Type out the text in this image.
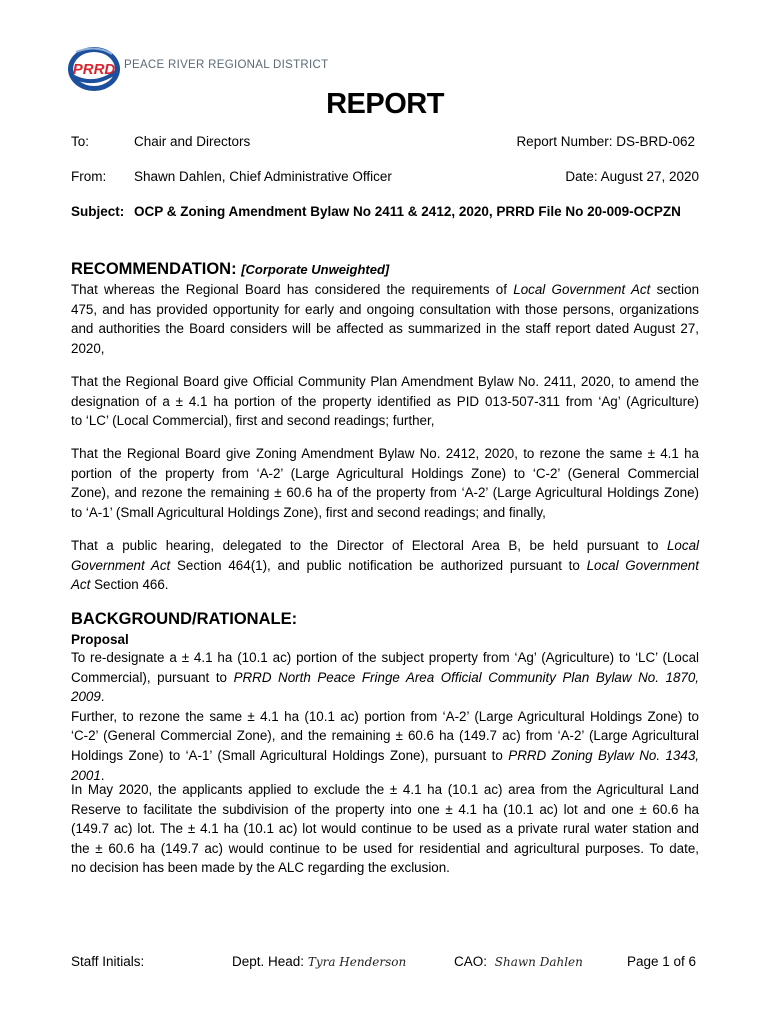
PRRD PEACE RIVER REGIONAL DISTRICT
REPORT
To:	Chair and Directors	Report Number: DS-BRD-062
From: Shawn Dahlen, Chief Administrative Officer	Date: August 27, 2020
Subject: OCP & Zoning Amendment Bylaw No 2411 & 2412, 2020, PRRD File No 20-009-OCPZN
RECOMMENDATION: [Corporate Unweighted]
That whereas the Regional Board has considered the requirements of Local Government Act section
475, and has provided opportunity for early and ongoing consultation with those persons, organizations
and authorities the Board considers will be affected as summarized in the staff report dated August 27,
2020,
That the Regional Board give Official Community Plan Amendment Bylaw No. 2411, 2020, to amend the
designation of a ± 4.1 ha portion of the property identified as PID 013-507-311 from ‘Ag’ (Agriculture)
to ‘LC’ (Local Commercial), first and second readings; further,
That the Regional Board give Zoning Amendment Bylaw No. 2412, 2020, to rezone the same ± 4.1 ha
portion of the property from ‘A-2’ (Large Agricultural Holdings Zone) to ‘C-2’ (General Commercial
Zone), and rezone the remaining ± 60.6 ha of the property from ‘A-2’ (Large Agricultural Holdings Zone)
to ‘A-1’ (Small Agricultural Holdings Zone), first and second readings; and finally,
That a public hearing, delegated to the Director of Electoral Area B, be held pursuant to Local
Government Act Section 464(1), and public notification be authorized pursuant to Local Government
Act Section 466.
BACKGROUND/RATIONALE:
Proposal
To re-designate a ± 4.1 ha (10.1 ac) portion of the subject property from ‘Ag’ (Agriculture) to ‘LC’ (Local
Commercial), pursuant to PRRD North Peace Fringe Area Official Community Plan Bylaw No. 1870, 2009.
Further, to rezone the same ± 4.1 ha (10.1 ac) portion from ‘A-2’ (Large Agricultural Holdings Zone) to
‘C-2’ (General Commercial Zone), and the remaining ± 60.6 ha (149.7 ac) from ‘A-2’ (Large Agricultural
Holdings Zone) to ‘A-1’ (Small Agricultural Holdings Zone), pursuant to PRRD Zoning Bylaw No. 1343,
2001.
In May 2020, the applicants applied to exclude the ± 4.1 ha (10.1 ac) area from the Agricultural Land
Reserve to facilitate the subdivision of the property into one ± 4.1 ha (10.1 ac) lot and one ± 60.6 ha
(149.7 ac) lot. The ± 4.1 ha (10.1 ac) lot would continue to be used as a private rural water station and
the ± 60.6 ha (149.7 ac) would continue to be used for residential and agricultural purposes. To date,
no decision has been made by the ALC regarding the exclusion.
Staff Initials:	Dept. Head: Tyra Henderson	CAO: Shawn Dahlen	Page 1 of 6
